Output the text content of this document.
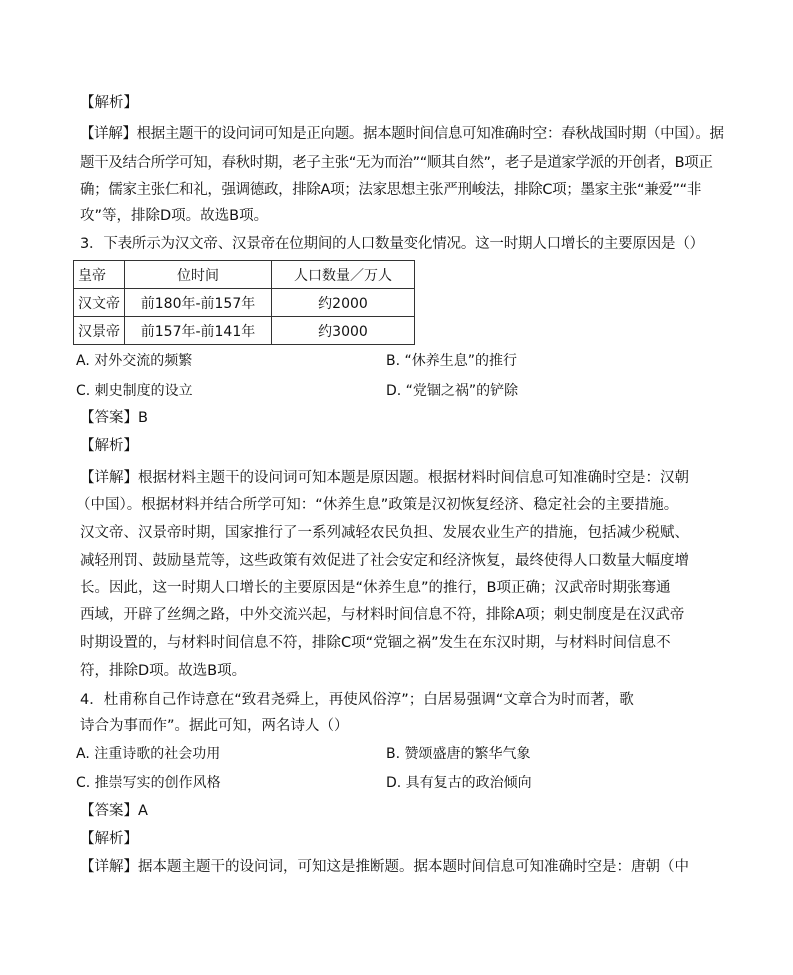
【解析】
【详解】根据主题干的设问词可知是正向题。据本题时间信息可知准确时空：春秋战国时期（中国）。据
题干及结合所学可知，春秋时期，老子主张“无为而治”“顺其自然”，老子是道家学派的开创者，B项正
确；儒家主张仁和礼，强调德政，排除A项；法家思想主张严刑峻法，排除C项；墨家主张“兼爱”“非
攻”等，排除D项。故选B项。
3．下表所示为汉文帝、汉景帝在位期间的人口数量变化情况。这一时期人口增长的主要原因是（）
皇帝	位时间	人口数量／万人
汉文帝	前180年-前157年	约2000
汉景帝	前157年-前141年	约3000
A. 对外交流的频繁	B. “休养生息”的推行
C. 刺史制度的设立	D. “党锢之祸”的铲除
【答案】B
【解析】
【详解】根据材料主题干的设问词可知本题是原因题。根据材料时间信息可知准确时空是：汉朝
（中国）。根据材料并结合所学可知：“休养生息”政策是汉初恢复经济、稳定社会的主要措施。
汉文帝、汉景帝时期，国家推行了一系列减轻农民负担、发展农业生产的措施，包括减少税赋、
减轻刑罚、鼓励垦荒等，这些政策有效促进了社会安定和经济恢复，最终使得人口数量大幅度增
长。因此，这一时期人口增长的主要原因是“休养生息”的推行，B项正确；汉武帝时期张骞通
西域，开辟了丝绸之路，中外交流兴起，与材料时间信息不符，排除A项；刺史制度是在汉武帝
时期设置的，与材料时间信息不符，排除C项“党锢之祸”发生在东汉时期，与材料时间信息不
符，排除D项。故选B项。
4．杜甫称自己作诗意在“致君尧舜上，再使风俗淳”；白居易强调“文章合为时而著，歌
诗合为事而作”。据此可知，两名诗人（）
A. 注重诗歌的社会功用	B. 赞颂盛唐的繁华气象
C. 推崇写实的创作风格	D. 具有复古的政治倾向
【答案】A
【解析】
【详解】据本题主题干的设问词，可知这是推断题。据本题时间信息可知准确时空是：唐朝（中
